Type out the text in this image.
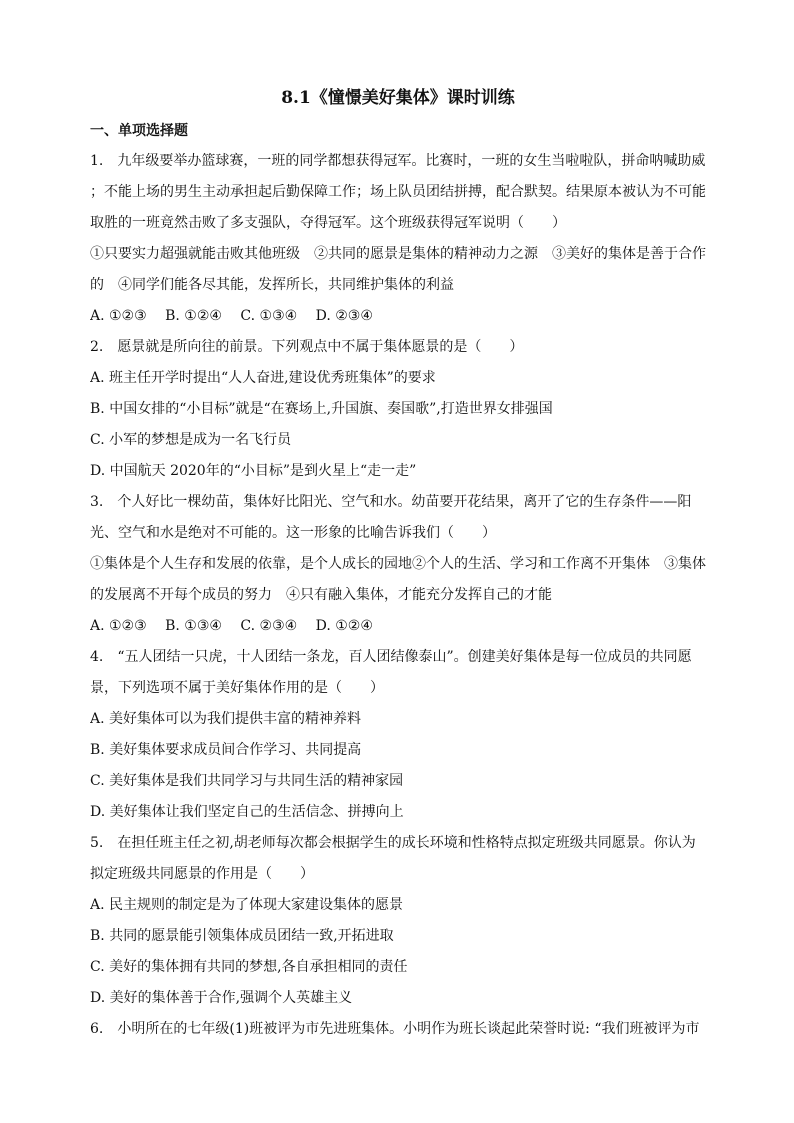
8.1《憧憬美好集体》课时训练
一、单项选择题
1.　九年级要举办篮球赛，一班的同学都想获得冠军。比赛时，一班的女生当啦啦队，拼命呐喊助威
；不能上场的男生主动承担起后勤保障工作；场上队员团结拼搏，配合默契。结果原本被认为不可能
取胜的一班竟然击败了多支强队，夺得冠军。这个班级获得冠军说明（　　）
①只要实力超强就能击败其他班级　②共同的愿景是集体的精神动力之源　③美好的集体是善于合作
的　④同学们能各尽其能，发挥所长，共同维护集体的利益
A. ①②③　 B. ①②④　 C. ①③④　 D. ②③④
2.　愿景就是所向往的前景。下列观点中不属于集体愿景的是（　　）
A. 班主任开学时提出“人人奋进,建设优秀班集体”的要求
B. 中国女排的“小目标”就是“在赛场上,升国旗、奏国歌”,打造世界女排强国
C. 小军的梦想是成为一名飞行员
D. 中国航天 2020年的“小目标”是到火星上“走一走”
3.　个人好比一棵幼苗，集体好比阳光、空气和水。幼苗要开花结果，离开了它的生存条件——阳
光、空气和水是绝对不可能的。这一形象的比喻告诉我们（　　）
①集体是个人生存和发展的依靠，是个人成长的园地②个人的生活、学习和工作离不开集体　③集体
的发展离不开每个成员的努力　④只有融入集体，才能充分发挥自己的才能
A. ①②③　 B. ①③④　 C. ②③④　 D. ①②④
4.　“五人团结一只虎，十人团结一条龙，百人团结像泰山”。创建美好集体是每一位成员的共同愿
景，下列选项不属于美好集体作用的是（　　）
A. 美好集体可以为我们提供丰富的精神养料
B. 美好集体要求成员间合作学习、共同提高
C. 美好集体是我们共同学习与共同生活的精神家园
D. 美好集体让我们坚定自己的生活信念、拼搏向上
5.　在担任班主任之初,胡老师每次都会根据学生的成长环境和性格特点拟定班级共同愿景。你认为
拟定班级共同愿景的作用是（　　）
A. 民主规则的制定是为了体现大家建设集体的愿景
B. 共同的愿景能引领集体成员团结一致,开拓进取
C. 美好的集体拥有共同的梦想,各自承担相同的责任
D. 美好的集体善于合作,强调个人英雄主义
6.　小明所在的七年级(1)班被评为市先进班集体。小明作为班长谈起此荣誉时说: “我们班被评为市
